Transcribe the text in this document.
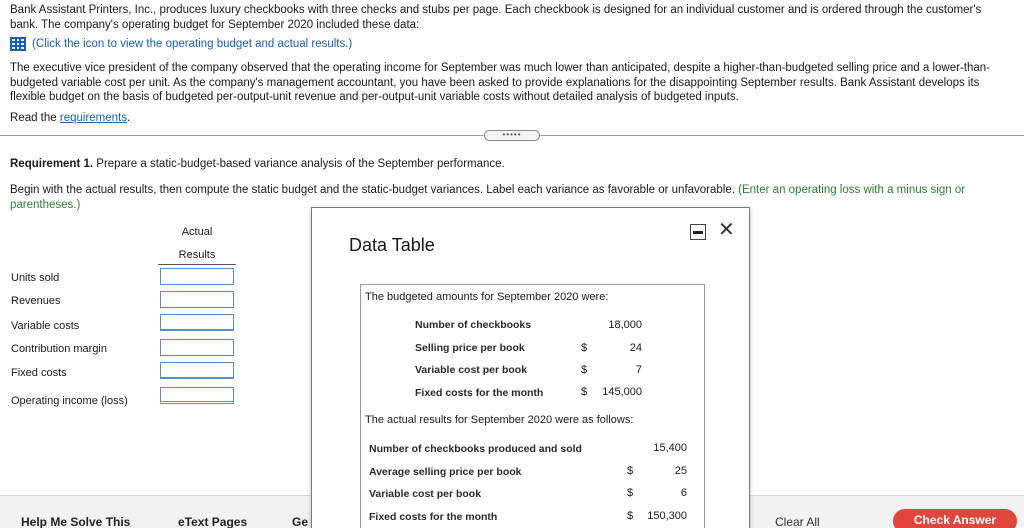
Bank Assistant Printers, Inc., produces luxury checkbooks with three checks and stubs per page. Each checkbook is designed for an individual customer and is ordered through the customer's bank. The company's operating budget for September 2020 included these data:
(Click the icon to view the operating budget and actual results.)
The executive vice president of the company observed that the operating income for September was much lower than anticipated, despite a higher-than-budgeted selling price and a lower-than-budgeted variable cost per unit. As the company's management accountant, you have been asked to provide explanations for the disappointing September results. Bank Assistant develops its flexible budget on the basis of budgeted per-output-unit revenue and per-output-unit variable costs without detailed analysis of budgeted inputs.
Read the requirements.
•••••
Requirement 1. Prepare a static-budget-based variance analysis of the September performance.
Begin with the actual results, then compute the static budget and the static-budget variances. Label each variance as favorable or unfavorable. (Enter an operating loss with a minus sign or parentheses.)
Actual
Results
Units sold
Revenues
Variable costs
Contribution margin
Fixed costs
Operating income (loss)
Help Me Solve This	eText Pages	Ge	Clear All	Check Answer
Data Table
✕
The budgeted amounts for September 2020 were:
Number of checkbooks	18,000
Selling price per book	$	24
Variable cost per book	$	7
Fixed costs for the month	$	145,000
The actual results for September 2020 were as follows:
Number of checkbooks produced and sold	15,400
Average selling price per book	$	25
Variable cost per book	$	6
Fixed costs for the month	$	150,300
